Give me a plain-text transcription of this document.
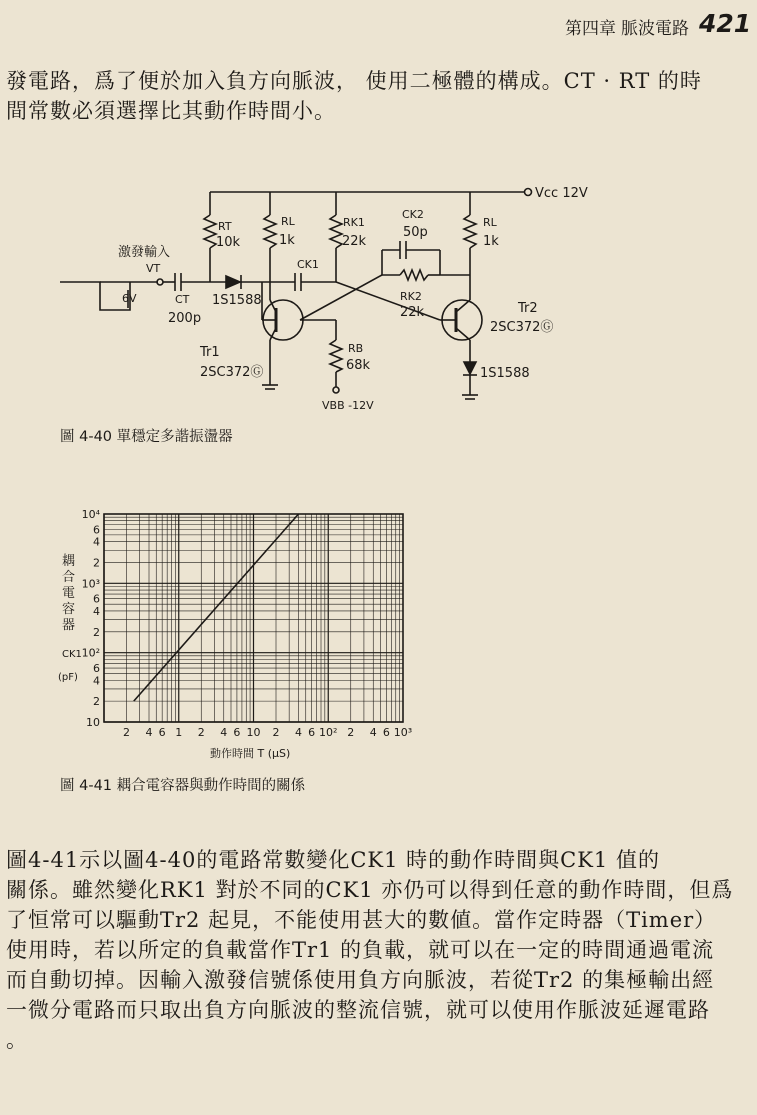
第四章 脈波電路 421

發電路，爲了便於加入負方向脈波， 使用二極體的構成。CT · RT 的時
間常數必須選擇比其動作時間小。

Vcc 12V
激發輸入
VT
6V	CT
200p
1S1588
RT
10k
RL
1k
RK1
22k
CK2
50p
RL
1k
CK1
RK2
22k
RB
68k
VBB -12V
Tr1
2SC372Ⓖ
Tr2
2SC372Ⓖ
1S1588
圖 4-40 單穩定多諧振盪器
耦
合
電
容
器
CK1
(pF)
10⁴
6
4
2
10³
6
4
2
10²
6
4
2
10
2 4 6 1 2 4 6 10 2 4 6 10² 2 4 6 10³
動作時間 T (μS)
圖 4-41 耦合電容器與動作時間的關係

圖4-41示以圖4-40的電路常數變化CK1 時的動作時間與CK1 值的
關係。雖然變化RK1 對於不同的CK1 亦仍可以得到任意的動作時間，但爲
了恒常可以驅動Tr2 起見，不能使用甚大的數値。當作定時器（Timer）
使用時，若以所定的負載當作Tr1 的負載，就可以在一定的時間通過電流
而自動切掉。因輸入激發信號係使用負方向脈波，若從Tr2 的集極輸出經
一微分電路而只取出負方向脈波的整流信號，就可以使用作脈波延遲電路
。
